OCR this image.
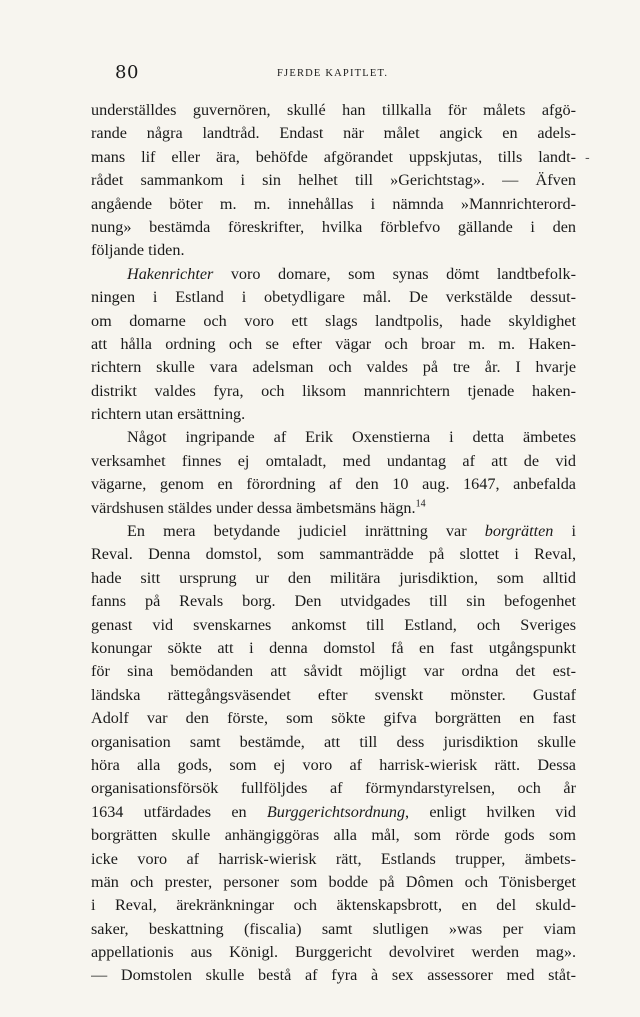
80	FJERDE KAPITLET.
-
underställdes guvernören, skullé han tillkalla för målets afgö-
rande några landtråd. Endast när målet angick en adels-
mans lif eller ära, behöfde afgörandet uppskjutas, tills landt-
rådet sammankom i sin helhet till »Gerichtstag». — Äfven
angående böter m. m. innehållas i nämnda »Mannrichterord-
nung» bestämda föreskrifter, hvilka förblefvo gällande i den
följande tiden.
Hakenrichter voro domare, som synas dömt landtbefolk-
ningen i Estland i obetydligare mål. De verkstälde dessut-
om domarne och voro ett slags landtpolis, hade skyldighet
att hålla ordning och se efter vägar och broar m. m. Haken-
richtern skulle vara adelsman och valdes på tre år. I hvarje
distrikt valdes fyra, och liksom mannrichtern tjenade haken-
richtern utan ersättning.
Något ingripande af Erik Oxenstierna i detta ämbetes
verksamhet finnes ej omtaladt, med undantag af att de vid
vägarne, genom en förordning af den 10 aug. 1647, anbefalda
värdshusen stäldes under dessa ämbetsmäns hägn.$^{14}$
En mera betydande judiciel inrättning var borgrätten i
Reval. Denna domstol, som sammanträdde på slottet i Reval,
hade sitt ursprung ur den militära jurisdiktion, som alltid
fanns på Revals borg. Den utvidgades till sin befogenhet
genast vid svenskarnes ankomst till Estland, och Sveriges
konungar sökte att i denna domstol få en fast utgångspunkt
för sina bemödanden att såvidt möjligt var ordna det est-
ländska rättegångsväsendet efter svenskt mönster. Gustaf
Adolf var den förste, som sökte gifva borgrätten en fast
organisation samt bestämde, att till dess jurisdiktion skulle
höra alla gods, som ej voro af harrisk-wierisk rätt. Dessa
organisationsförsök fullföljdes af förmyndarstyrelsen, och år
1634 utfärdades en Burggerichtsordnung, enligt hvilken vid
borgrätten skulle anhängiggöras alla mål, som rörde gods som
icke voro af harrisk-wierisk rätt, Estlands trupper, ämbets-
män och prester, personer som bodde på Dômen och Tönisberget
i Reval, ärekränkningar och äktenskapsbrott, en del skuld-
saker, beskattning (fiscalia) samt slutligen »was per viam
appellationis aus Königl. Burggericht devolviret werden mag».
— Domstolen skulle bestå af fyra à sex assessorer med ståt-
